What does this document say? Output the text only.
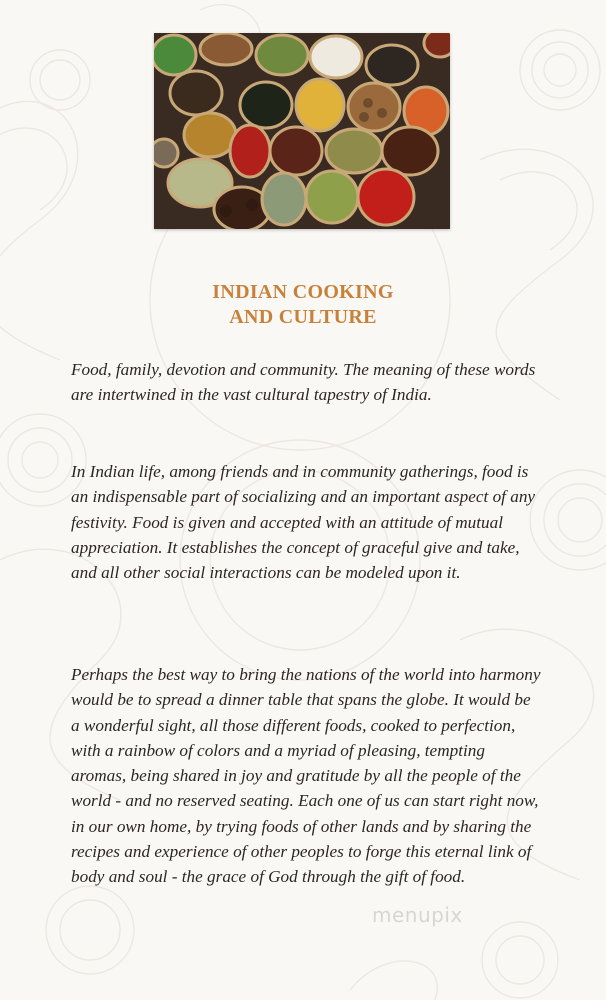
INDIAN COOKING
AND CULTURE

Food, family, devotion and community. The meaning of these words are intertwined in the vast cultural tapestry of India.

In Indian life, among friends and in community gatherings, food is an indispensable part of socializing and an important aspect of any festivity. Food is given and accepted with an attitude of mutual appreciation. It establishes the concept of graceful give and take, and all other social interactions can be modeled upon it.

Perhaps the best way to bring the nations of the world into harmony would be to spread a dinner table that spans the globe. It would be a wonderful sight, all those different foods, cooked to perfection, with a rainbow of colors and a myriad of pleasing, tempting aromas, being shared in joy and gratitude by all the people of the world - and no reserved seating. Each one of us can start right now, in our own home, by trying foods of other lands and by sharing the recipes and experience of other peoples to forge this eternal link of body and soul - the grace of God through the gift of food.

menupix
